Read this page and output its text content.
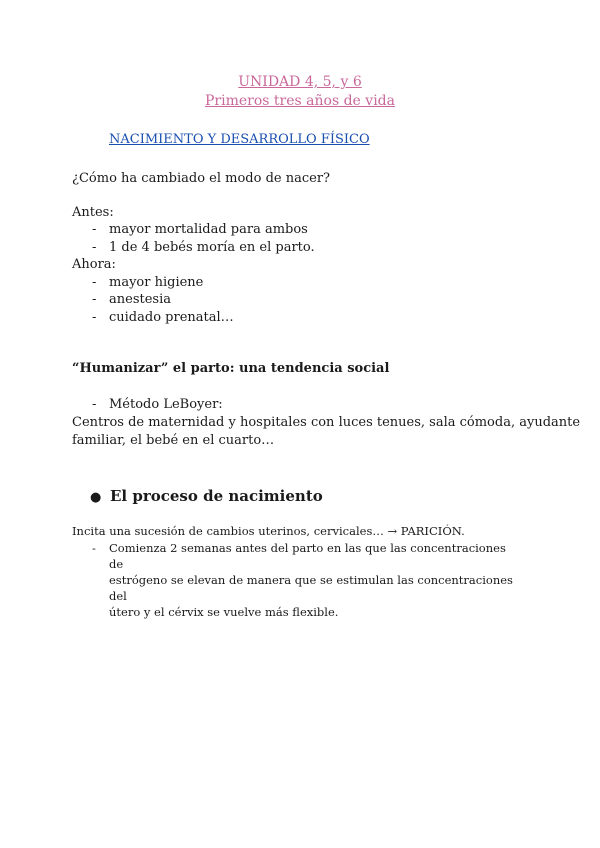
UNIDAD 4, 5, y 6
Primeros tres años de vida
NACIMIENTO Y DESARROLLO FÍSICO
¿Cómo ha cambiado el modo de nacer?
Antes:
- mayor mortalidad para ambos
- 1 de 4 bebés moría en el parto.
Ahora:
- mayor higiene
- anestesia
- cuidado prenatal…
“Humanizar” el parto: una tendencia social
- Método LeBoyer:
Centros de maternidad y hospitales con luces tenues, sala cómoda, ayudante
familiar, el bebé en el cuarto…
● El proceso de nacimiento
Incita una sucesión de cambios uterinos, cervicales… → PARICIÓN.
- Comienza 2 semanas antes del parto en las que las concentraciones de
estrógeno se elevan de manera que se estimulan las concentraciones del
útero y el cérvix se vuelve más flexible.
